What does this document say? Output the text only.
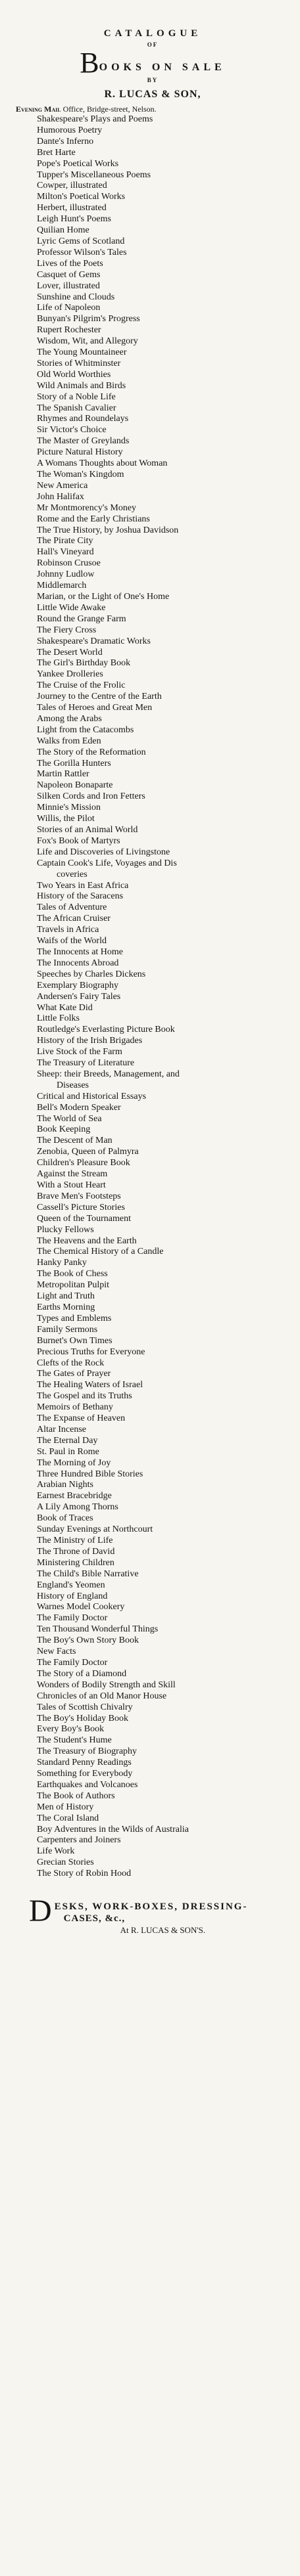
CATALOGUE
OF
B OOKS ON SALE
BY
R. LUCAS & SON,
Evening Mail Office, Bridge-street, Nelson.
Shakespeare's Plays and Poems
Humorous Poetry
Dante's Inferno
Bret Harte
Pope's Poetical Works
Tupper's Miscellaneous Poems
Cowper, illustrated
Milton's Poetical Works
Herbert, illustrated
Leigh Hunt's Poems
Quilian Home
Lyric Gems of Scotland
Professor Wilson's Tales
Lives of the Poets
Casquet of Gems
Lover, illustrated
Sunshine and Clouds
Life of Napoleon
Bunyan's Pilgrim's Progress
Rupert Rochester
Wisdom, Wit, and Allegory
The Young Mountaineer
Stories of Whitminster
Old World Worthies
Wild Animals and Birds
Story of a Noble Life
The Spanish Cavalier
Rhymes and Roundelays
Sir Victor's Choice
The Master of Greylands
Picture Natural History
A Womans Thoughts about Woman
The Woman's Kingdom
New America
John Halifax
Mr Montmorency's Money
Rome and the Early Christians
The True History, by Joshua Davidson
The Pirate City
Hall's Vineyard
Robinson Crusoe
Johnny Ludlow
Middlemarch
Marian, or the Light of One's Home
Little Wide Awake
Round the Grange Farm
The Fiery Cross
Shakespeare's Dramatic Works
The Desert World
The Girl's Birthday Book
Yankee Drolleries
The Cruise of the Frolic
Journey to the Centre of the Earth
Tales of Heroes and Great Men
Among the Arabs
Light from the Catacombs
Walks from Eden
The Story of the Reformation
The Gorilla Hunters
Martin Rattler
Napoleon Bonaparte
Silken Cords and Iron Fetters
Minnie's Mission
Willis, the Pilot
Stories of an Animal World
Fox's Book of Martyrs
Life and Discoveries of Livingstone
Captain Cook's Life, Voyages and Dis
coveries
Two Years in East Africa
History of the Saracens
Tales of Adventure
The African Cruiser
Travels in Africa
Waifs of the World
The Innocents at Home
The Innocents Abroad
Speeches by Charles Dickens
Exemplary Biography
Andersen's Fairy Tales
What Kate Did
Little Folks
Routledge's Everlasting Picture Book
History of the Irish Brigades
Live Stock of the Farm
The Treasury of Literature
Sheep: their Breeds, Management, and
Diseases
Critical and Historical Essays
Bell's Modern Speaker
The World of Sea
Book Keeping
The Descent of Man
Zenobia, Queen of Palmyra
Children's Pleasure Book
Against the Stream
With a Stout Heart
Brave Men's Footsteps
Cassell's Picture Stories
Queen of the Tournament
Plucky Fellows
The Heavens and the Earth
The Chemical History of a Candle
Hanky Panky
The Book of Chess
Metropolitan Pulpit
Light and Truth
Earths Morning
Types and Emblems
Family Sermons
Burnet's Own Times
Precious Truths for Everyone
Clefts of the Rock
The Gates of Prayer
The Healing Waters of Israel
The Gospel and its Truths
Memoirs of Bethany
The Expanse of Heaven
Altar Incense
The Eternal Day
St. Paul in Rome
The Morning of Joy
Three Hundred Bible Stories
Arabian Nights
Earnest Bracebridge
A Lily Among Thorns
Book of Traces
Sunday Evenings at Northcourt
The Ministry of Life
The Throne of David
Ministering Children
The Child's Bible Narrative
England's Yeomen
History of England
Warnes Model Cookery
The Family Doctor
Ten Thousand Wonderful Things
The Boy's Own Story Book
New Facts
The Family Doctor
The Story of a Diamond
Wonders of Bodily Strength and Skill
Chronicles of an Old Manor House
Tales of Scottish Chivalry
The Boy's Holiday Book
Every Boy's Book
The Student's Hume
The Treasury of Biography
Standard Penny Readings
Something for Everybody
Earthquakes and Volcanoes
The Book of Authors
Men of History
The Coral Island
Boy Adventures in the Wilds of Australia
Carpenters and Joiners
Life Work
Grecian Stories
The Story of Robin Hood
D ESKS, WORK-BOXES, DRESSING-
CASES, &c.,
At R. LUCAS & SON'S.
